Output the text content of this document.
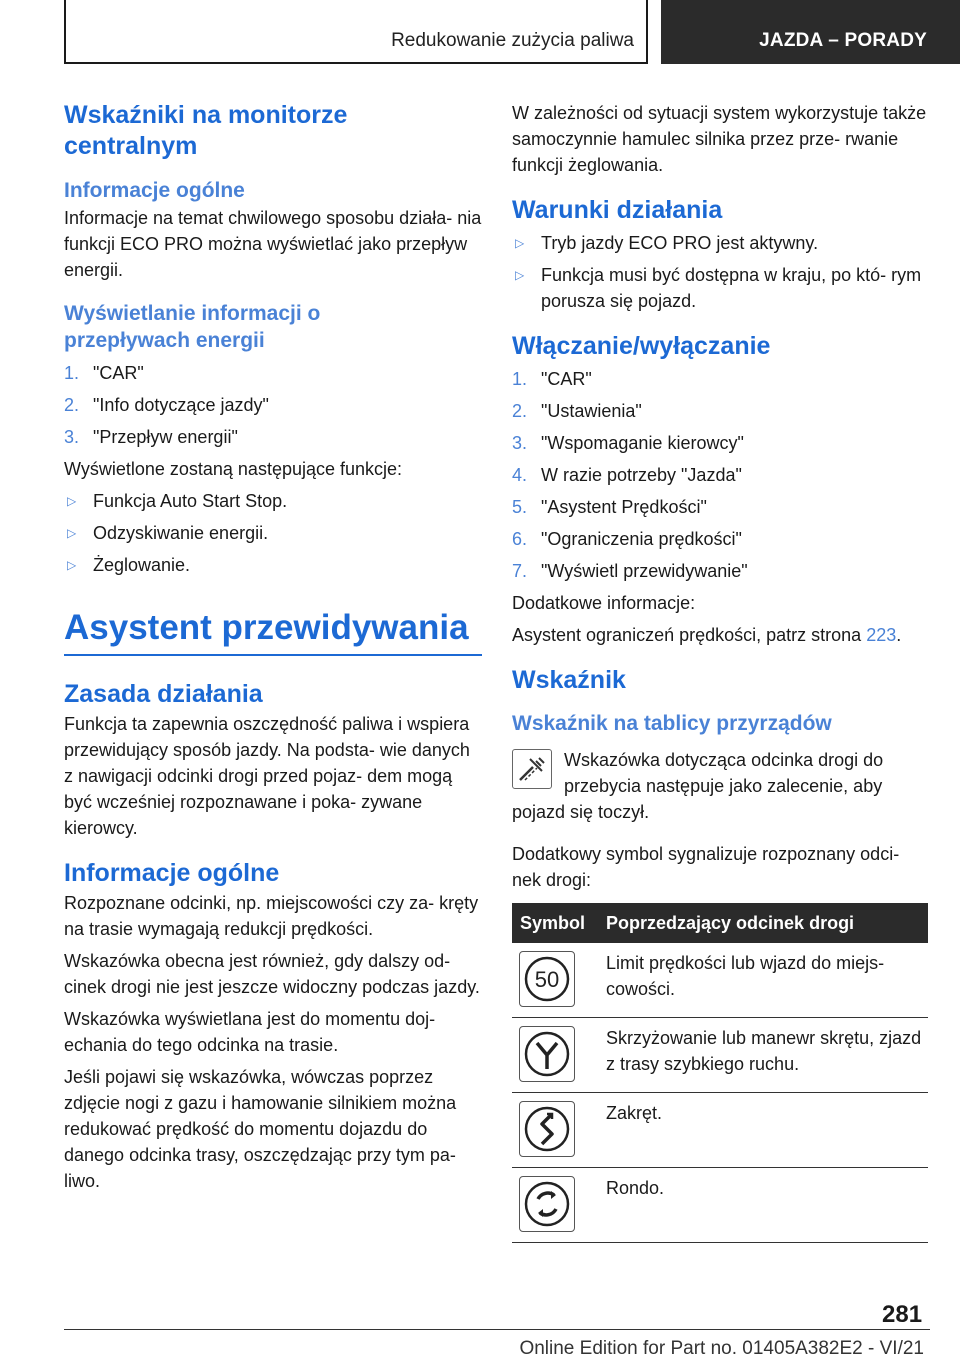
Redukowanie zużycia paliwa	JAZDA – PORADY
Wskaźniki na monitorze centralnym
Informacje ogólne

Informacje na temat chwilowego sposobu działa- nia funkcji ECO PRO można wyświetlać jako przepływ energii.

Wyświetlanie informacji o przepływach energii
1. "CAR"
2. "Info dotyczące jazdy"
3. "Przepływ energii"

Wyświetlone zostaną następujące funkcje:

▷ Funkcja Auto Start Stop.
▷ Odzyskiwanie energii.
▷ Żeglowanie.
Asystent przewidywania
Zasada działania

Funkcja ta zapewnia oszczędność paliwa i wspiera przewidujący sposób jazdy. Na podsta- wie danych z nawigacji odcinki drogi przed pojaz- dem mogą być wcześniej rozpoznawane i poka- zywane kierowcy.

Informacje ogólne

Rozpoznane odcinki, np. miejscowości czy za- kręty na trasie wymagają redukcji prędkości.

Wskazówka obecna jest również, gdy dalszy od- cinek drogi nie jest jeszcze widoczny podczas jazdy.

Wskazówka wyświetlana jest do momentu doj- echania do tego odcinka na trasie.

Jeśli pojawi się wskazówka, wówczas poprzez zdjęcie nogi z gazu i hamowanie silnikiem można redukować prędkość do momentu dojazdu do danego odcinka trasy, oszczędzając przy tym pa- liwo.

W zależności od sytuacji system wykorzystuje także samoczynnie hamulec silnika przez prze- rwanie funkcji żeglowania.

Warunki działania
▷ Tryb jazdy ECO PRO jest aktywny.
▷ Funkcja musi być dostępna w kraju, po któ- rym porusza się pojazd.
Włączanie/wyłączanie
1. "CAR"
2. "Ustawienia"
3. "Wspomaganie kierowcy"
4. W razie potrzeby "Jazda"
5. "Asystent Prędkości"
6. "Ograniczenia prędkości"
7. "Wyświetl przewidywanie"

Dodatkowe informacje:

Asystent ograniczeń prędkości, patrz strona 223.

Wskaźnik
Wskaźnik na tablicy przyrządów

Wskazówka dotycząca odcinka drogi do przebycia następuje jako zalecenie, aby pojazd się toczył.

Dodatkowy symbol sygnalizuje rozpoznany odci- nek drogi:

Symbol	Poprzedzający odcinek drogi
50
Limit prędkości lub wjazd do miejs- cowości.
Skrzyżowanie lub manewr skrętu, zjazd z trasy szybkiego ruchu.
Zakręt.
Rondo.
281
Online Edition for Part no. 01405A382E2 - VI/21
